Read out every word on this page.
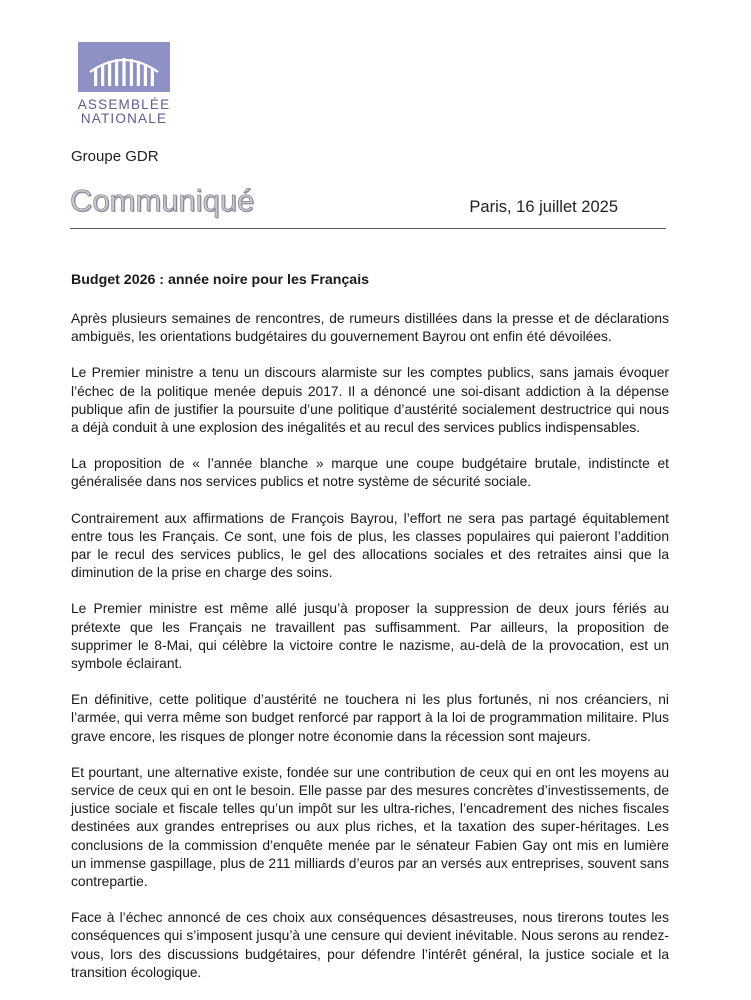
ASSEMBLÉE
NATIONALE
Groupe GDR
Communiqué	Paris, 16 juillet 2025
Budget 2026 : année noire pour les Français

Après plusieurs semaines de rencontres, de rumeurs distillées dans la presse et de déclarations ambiguës, les orientations budgétaires du gouvernement Bayrou ont enfin été dévoilées.

Le Premier ministre a tenu un discours alarmiste sur les comptes publics, sans jamais évoquer l’échec de la politique menée depuis 2017. Il a dénoncé une soi-disant addiction à la dépense publique afin de justifier la poursuite d’une politique d’austérité socialement destructrice qui nous a déjà conduit à une explosion des inégalités et au recul des services publics indispensables.

La proposition de « l’année blanche » marque une coupe budgétaire brutale, indistincte et généralisée dans nos services publics et notre système de sécurité sociale.

Contrairement aux affirmations de François Bayrou, l’effort ne sera pas partagé équitablement entre tous les Français. Ce sont, une fois de plus, les classes populaires qui paieront l’addition par le recul des services publics, le gel des allocations sociales et des retraites ainsi que la diminution de la prise en charge des soins.

Le Premier ministre est même allé jusqu’à proposer la suppression de deux jours fériés au prétexte que les Français ne travaillent pas suffisamment. Par ailleurs, la proposition de supprimer le 8-Mai, qui célèbre la victoire contre le nazisme, au-delà de la provocation, est un symbole éclairant.

En définitive, cette politique d’austérité ne touchera ni les plus fortunés, ni nos créanciers, ni l’armée, qui verra même son budget renforcé par rapport à la loi de programmation militaire. Plus grave encore, les risques de plonger notre économie dans la récession sont majeurs.

Et pourtant, une alternative existe, fondée sur une contribution de ceux qui en ont les moyens au service de ceux qui en ont le besoin. Elle passe par des mesures concrètes d’investissements, de justice sociale et fiscale telles qu’un impôt sur les ultra-riches, l’encadrement des niches fiscales destinées aux grandes entreprises ou aux plus riches, et la taxation des super-héritages. Les conclusions de la commission d’enquête menée par le sénateur Fabien Gay ont mis en lumière un immense gaspillage, plus de 211 milliards d’euros par an versés aux entreprises, souvent sans contrepartie.

Face à l’échec annoncé de ces choix aux conséquences désastreuses, nous tirerons toutes les conséquences qui s’imposent jusqu’à une censure qui devient inévitable. Nous serons au rendez-vous, lors des discussions budgétaires, pour défendre l’intérêt général, la justice sociale et la transition écologique.
